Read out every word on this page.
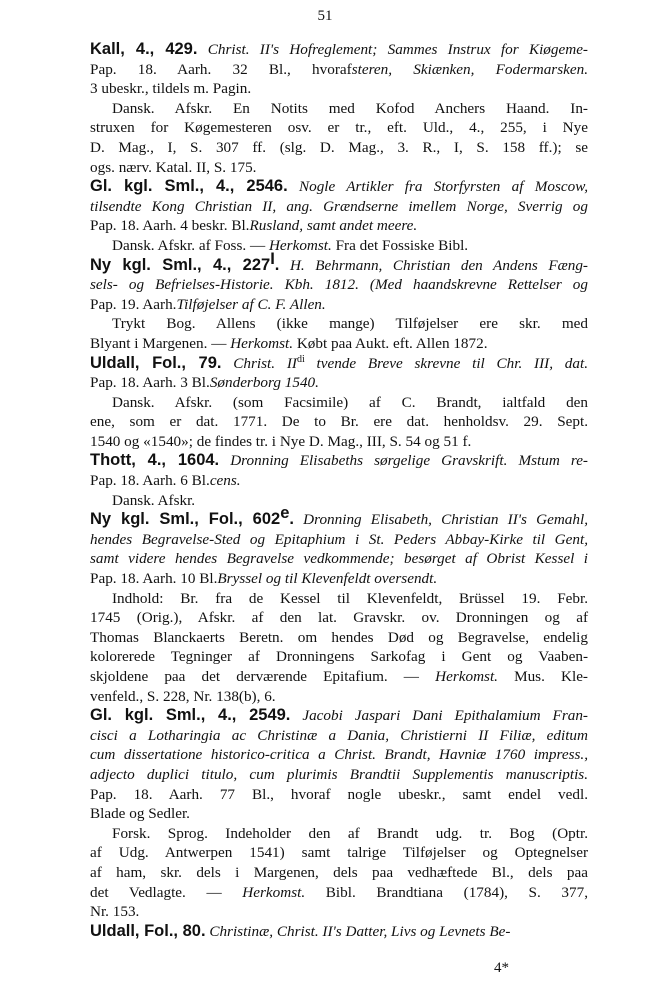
51
Kall, 4., 429. Christ. II's Hofreglement; Sammes Instrux for Kiøgeme-
Pap. 18. Aarh. 32 Bl., hvorafsteren, Skiænken, Fodermarsken.
3 ubeskr., tildels m. Pagin.
Dansk. Afskr. En Notits med Kofod Anchers Haand. In-
struxen for Køgemesteren osv. er tr., eft. Uld., 4., 255, i Nye
D. Mag., I, S. 307 ff. (slg. D. Mag., 3. R., I, S. 158 ff.); se
ogs. nærv. Katal. II, S. 175.
Gl. kgl. Sml., 4., 2546. Nogle Artikler fra Storfyrsten af Moscow,
tilsendte Kong Christian II, ang. Grændserne imellem Norge, Sverrig og
Pap. 18. Aarh. 4 beskr. Bl.Rusland, samt andet meere.
Dansk. Afskr. af Foss. — Herkomst. Fra det Fossiske Bibl.
Ny kgl. Sml., 4., $227^I$. H. Behrmann, Christian den Andens Fæng-
sels- og Befrielses-Historie. Kbh. 1812. (Med haandskrevne Rettelser og
Pap. 19. Aarh.Tilføjelser af C. F. Allen.
Trykt Bog. Allens (ikke mange) Tilføjelser ere skr. med
Blyant i Margenen. — Herkomst. Købt paa Aukt. eft. Allen 1872.
Uldall, Fol., 79. Christ. $II^{di}$ tvende Breve skrevne til Chr. III, dat.
Pap. 18. Aarh. 3 Bl.Sønderborg 1540.
Dansk. Afskr. (som Facsimile) af C. Brandt, ialtfald den
ene, som er dat. 1771. De to Br. ere dat. henholdsv. 29. Sept.
1540 og «1540»; de findes tr. i Nye D. Mag., III, S. 54 og 51 f.
Thott, 4., 1604. Dronning Elisabeths sørgelige Gravskrift. Mstum re-
Pap. 18. Aarh. 6 Bl.cens.
Dansk. Afskr.
Ny kgl. Sml., Fol., 602e. Dronning Elisabeth, Christian II's Gemahl,
hendes Begravelse-Sted og Epitaphium i St. Peders Abbay-Kirke til Gent,
samt videre hendes Begravelse vedkommende; besørget af Obrist Kessel i
Pap. 18. Aarh. 10 Bl.Bryssel og til Klevenfeldt oversendt.
Indhold: Br. fra de Kessel til Klevenfeldt, Brüssel 19. Febr.
1745 (Orig.), Afskr. af den lat. Gravskr. ov. Dronningen og af
Thomas Blanckaerts Beretn. om hendes Død og Begravelse, endelig
kolorerede Tegninger af Dronningens Sarkofag i Gent og Vaaben-
skjoldene paa det derværende Epitafium. — Herkomst. Mus. Kle-
venfeld., S. 228, Nr. 138(b), 6.
Gl. kgl. Sml., 4., 2549. Jacobi Jaspari Dani Epithalamium Fran-
cisci a Lotharingia ac Christinæ a Dania, Christierni II Filiæ, editum
cum dissertatione historico-critica a Christ. Brandt, Havniæ 1760 impress.,
adjecto duplici titulo, cum plurimis Brandtii Supplementis manuscriptis.
Pap. 18. Aarh. 77 Bl., hvoraf nogle ubeskr., samt endel vedl.
Blade og Sedler.
Forsk. Sprog. Indeholder den af Brandt udg. tr. Bog (Optr.
af Udg. Antwerpen 1541) samt talrige Tilføjelser og Optegnelser
af ham, skr. dels i Margenen, dels paa vedhæftede Bl., dels paa
det Vedlagte. — Herkomst. Bibl. Brandtiana (1784), S. 377,
Nr. 153.
Uldall, Fol., 80. Christinæ, Christ. II's Datter, Livs og Levnets Be-
4*
